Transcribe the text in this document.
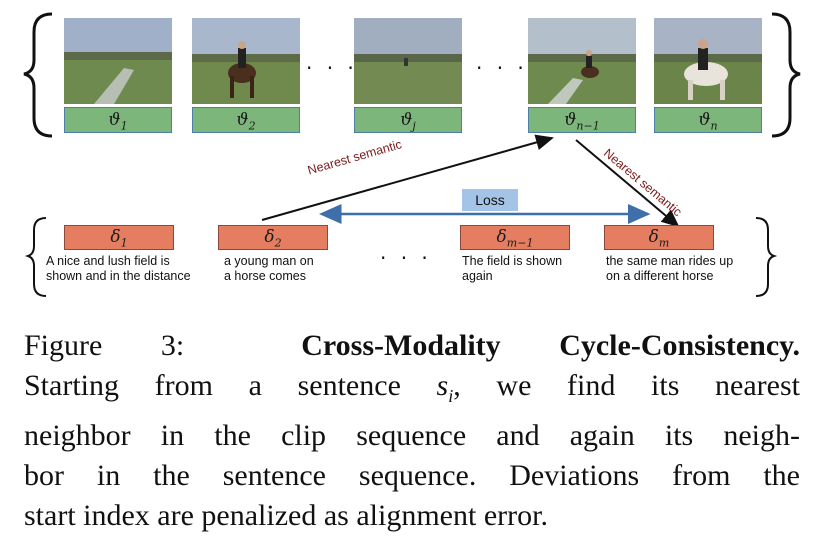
$ϑ_1$	$ϑ_2$	$ϑ_j$	$ϑ_{n-1}$	$ϑ_n$
· · ·	· · ·
Nearest semantic	Nearest semantic
Loss
$\delta_1$	$\delta_2$	$\delta_{m-1}$	$\delta_m$
· · ·
A nice and lush field is
shown and in the distance
a young man on
a horse comes
The field is shown
again
the same man rides up
on a different horse

Figure 3:	Cross-Modality Cycle-Consistency.

Starting from a sentence $s_i$, we find its nearest

neighbor in the clip sequence and again its neigh-

bor in the sentence sequence. Deviations from the

start index are penalized as alignment error.
